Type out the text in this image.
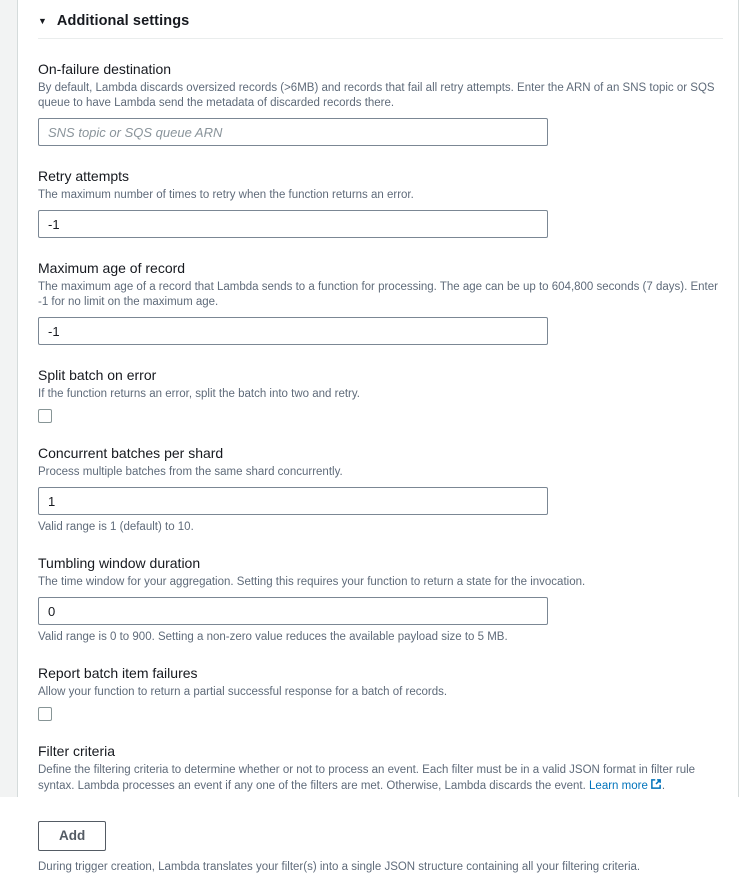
▼ Additional settings
On-failure destination
By default, Lambda discards oversized records (>6MB) and records that fail all retry attempts. Enter the ARN of an SNS topic or SQS queue to have Lambda send the metadata of discarded records there.
SNS topic or SQS queue ARN
Retry attempts
The maximum number of times to retry when the function returns an error.
-1
Maximum age of record
The maximum age of a record that Lambda sends to a function for processing. The age can be up to 604,800 seconds (7 days). Enter -1 for no limit on the maximum age.
-1
Split batch on error
If the function returns an error, split the batch into two and retry.
Concurrent batches per shard
Process multiple batches from the same shard concurrently.
1
Valid range is 1 (default) to 10.
Tumbling window duration
The time window for your aggregation. Setting this requires your function to return a state for the invocation.
0
Valid range is 0 to 900. Setting a non-zero value reduces the available payload size to 5 MB.
Report batch item failures
Allow your function to return a partial successful response for a batch of records.
Filter criteria
Define the filtering criteria to determine whether or not to process an event. Each filter must be in a valid JSON format in filter rule syntax. Lambda processes an event if any one of the filters are met. Otherwise, Lambda discards the event. Learn more .
Add
During trigger creation, Lambda translates your filter(s) into a single JSON structure containing all your filtering criteria.
